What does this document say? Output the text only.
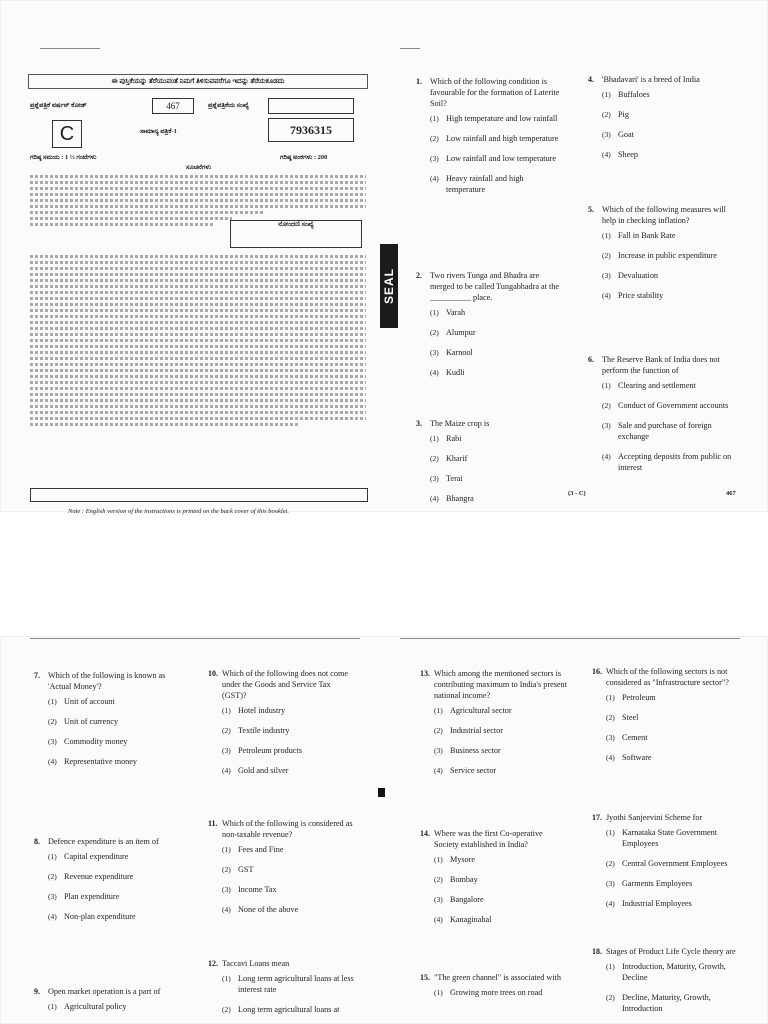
ಈ ಪುಸ್ತಿಕೆಯನ್ನು ತೆರೆಯುವಂತೆ ನಿಮಗೆ ತಿಳಿಸುವವರೆಗೂ ಇದನ್ನು ತೆರೆಯಕೂಡದು
ಪ್ರಶ್ನೆಪತ್ರಿಕೆ ವರ್ಷನ್ ಕೋಡ್	467	ಪ್ರಶ್ನೆಪತ್ರಿಕೆಯ ಸಂಖ್ಯೆ
C	ಸಾಮಾನ್ಯ ಪತ್ರಿಕೆ-1	7936315
ಗರಿಷ್ಠ ಸಮಯ : 1 ½ ಗಂಟೆಗಳು	ಗರಿಷ್ಠ ಅಂಕಗಳು : 200
ಸೂಚನೆಗಳು
ನೋಂದಣಿ ಸಂಖ್ಯೆ
Note : English version of the instructions is printed on the back cover of this booklet.
SEAL
1. Which of the following condition is favourable for the formation of Laterite Soil?
(1) High temperature and low rainfall
(2) Low rainfall and high temperature
(3) Low rainfall and low temperature
(4) Heavy rainfall and high temperature
2. Two rivers Tunga and Bhadra are merged to be called Tungabhadra at the __________ place.
(1) Varah
(2) Alumpur
(3) Karnool
(4) Kudli
3. The Maize crop is
(1) Rabi
(2) Kharif
(3) Terai
(4) Bhangra
4. 'Bhadavari' is a breed of India
(1) Buffaloes
(2) Pig
(3) Goat
(4) Sheep
5. Which of the following measures will help in checking inflation?
(1) Fall in Bank Rate
(2) Increase in public expenditure
(3) Devaluation
(4) Price stability
6. The Reserve Bank of India does not perform the function of
(1) Clearing and settlement
(2) Conduct of Government accounts
(3) Sale and purchase of foreign exchange
(4) Accepting deposits from public on interest
(3 - C)	467
7. Which of the following is known as 'Actual Money'?
(1) Unit of account
(2) Unit of currency
(3) Commodity money
(4) Representative money
8. Defence expenditure is an item of
(1) Capital expenditure
(2) Revenue expenditure
(3) Plan expenditure
(4) Non-plan expenditure
9. Open market operation is a part of
(1) Agricultural policy
10. Which of the following does not come under the Goods and Service Tax (GST)?
(1) Hotel industry
(2) Textile industry
(3) Petroleum products
(4) Gold and silver
11. Which of the following is considered as non-taxable revenue?
(1) Fees and Fine
(2) GST
(3) Income Tax
(4) None of the above
12. Taccavi Loans mean
(1) Long term agricultural loans at less interest rate
(2) Long term agricultural loans at
13. Which among the mentioned sectors is contributing maximum to India's present national income?
(1) Agricultural sector
(2) Industrial sector
(3) Business sector
(4) Service sector
14. Where was the first Co-operative Society established in India?
(1) Mysore
(2) Bombay
(3) Bangalore
(4) Kanaginahal
15. "The green channel" is associated with
(1) Growing more trees on road
16. Which of the following sectors is not considered as "Infrastructure sector"?
(1) Petroleum
(2) Steel
(3) Cement
(4) Software
17. Jyothi Sanjeevini Scheme for
(1) Karnataka State Government Employees
(2) Central Government Employees
(3) Garments Employees
(4) Industrial Employees
18. Stages of Product Life Cycle theory are
(1) Introduction, Maturity, Growth, Decline
(2) Decline, Maturity, Growth, Introduction
